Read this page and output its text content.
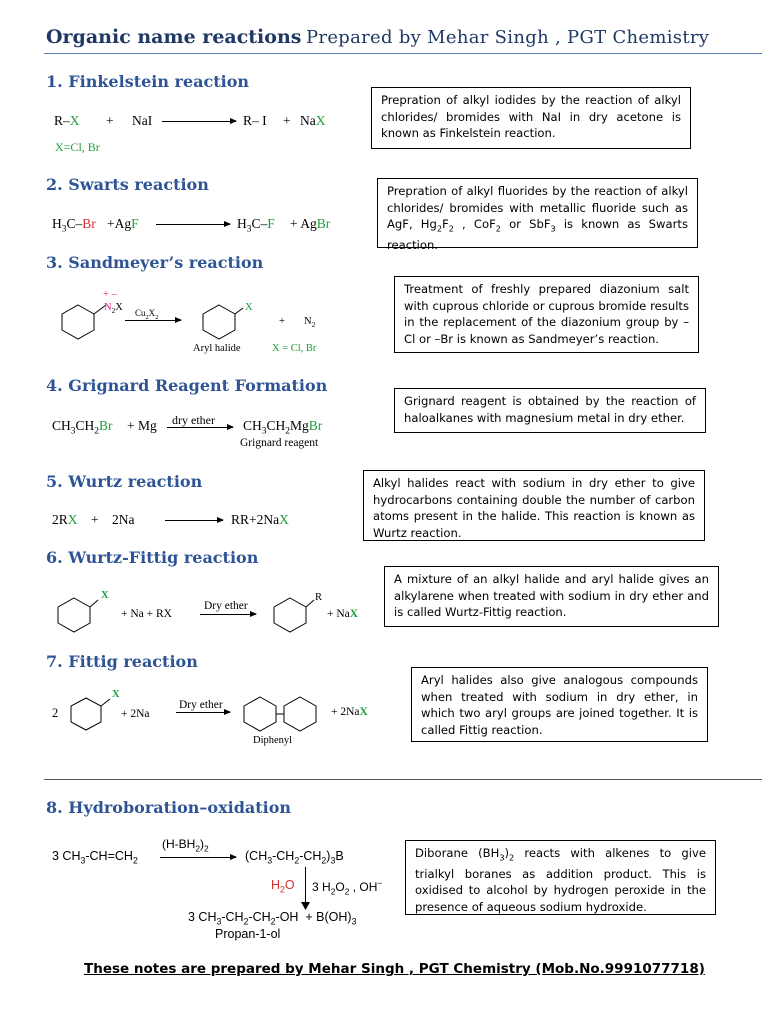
Organic name reactions Prepared by Mehar Singh , PGT Chemistry
1. Finkelstein reaction
R–X + NaI	R– I + NaX
X=Cl, Br
Prepration of alkyl iodides by the reaction of alkyl chlorides/ bromides with NaI in dry acetone is known as Finkelstein reaction.
2. Swarts reaction
$H_3C-Br +AgF$	$H_3C-F$ + AgBr
Prepration of alkyl fluorides by the reaction of alkyl chlorides/ bromides with metallic fluoride such as AgF, $Hg_2F_2$ , CoF$_2$ or SbF$_3$ is known as Swarts reaction.
3. Sandmeyer’s reaction
+ –
$N_2X$ $Cu_2X_2$
X
+ $N_2$
Aryl halide	X = Cl, Br
Treatment of freshly prepared diazonium salt with cuprous chloride or cuprous bromide results in the replacement of the diazonium group by –Cl or –Br is known as Sandmeyer’s reaction.
4. Grignard Reagent Formation
$CH_3CH_2Br + Mg$ dry ether $CH_3CH_2MgBr$
Grignard reagent
Grignard reagent is obtained by the reaction of haloalkanes with magnesium metal in dry ether.
5. Wurtz reaction
2RX + 2Na → RR+2NaX
Alkyl halides react with sodium in dry ether to give hydrocarbons containing double the number of carbon atoms present in the halide. This reaction is known as Wurtz reaction.
6. Wurtz-Fittig reaction
X
+ Na + RX
Dry ether
R
+ NaX
A mixture of an alkyl halide and aryl halide gives an alkylarene when treated with sodium in dry ether and is called Wurtz-Fittig reaction.
7. Fittig reaction
2
X
+ 2Na
Dry ether
Diphenyl
+ 2NaX
Aryl halides also give analogous compounds when treated with sodium in dry ether, in which two aryl groups are joined together. It is called Fittig reaction.
8. Hydroboration–oxidation
3 $CH_3-CH=CH_2$
$(H-BH_2)_2$
$(CH_3-CH_2-CH_2)_3B$
$H_2O$ 3 $H_2O_2$ , OH−
3 $CH_3-CH_2-CH_2-OH + B(OH)_3$
Propan-1-ol
Diborane $(BH_3)_2$ reacts with alkenes to give trialkyl boranes as addition product. This is oxidised to alcohol by hydrogen peroxide in the presence of aqueous sodium hydroxide.
These notes are prepared by Mehar Singh , PGT Chemistry (Mob.No.9991077718)
